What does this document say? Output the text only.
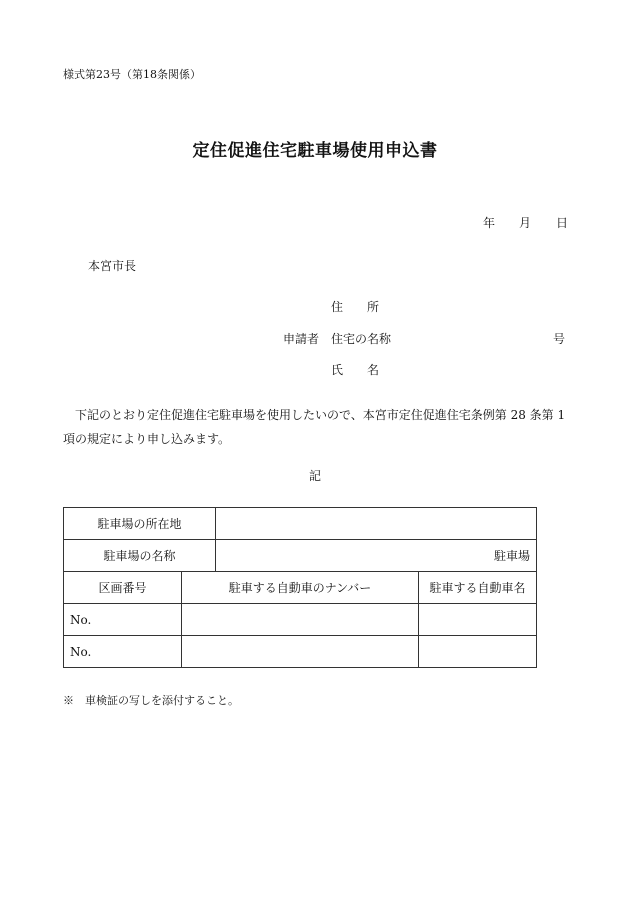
様式第23号（第18条関係）
定住促進住宅駐車場使用申込書
年 月 日
本宮市長
住　　所
申請者 住宅の名称	号
氏　　名
下記のとおり定住促進住宅駐車場を使用したいので、本宮市定住促進住宅条例第 28 条第 1
項の規定により申し込みます。
記
駐車場の所在地			
駐車場の名称		駐車場	
区画番号	駐車する自動車のナンバー		駐車する自動車名
No.			
No.			
※　車検証の写しを添付すること。
